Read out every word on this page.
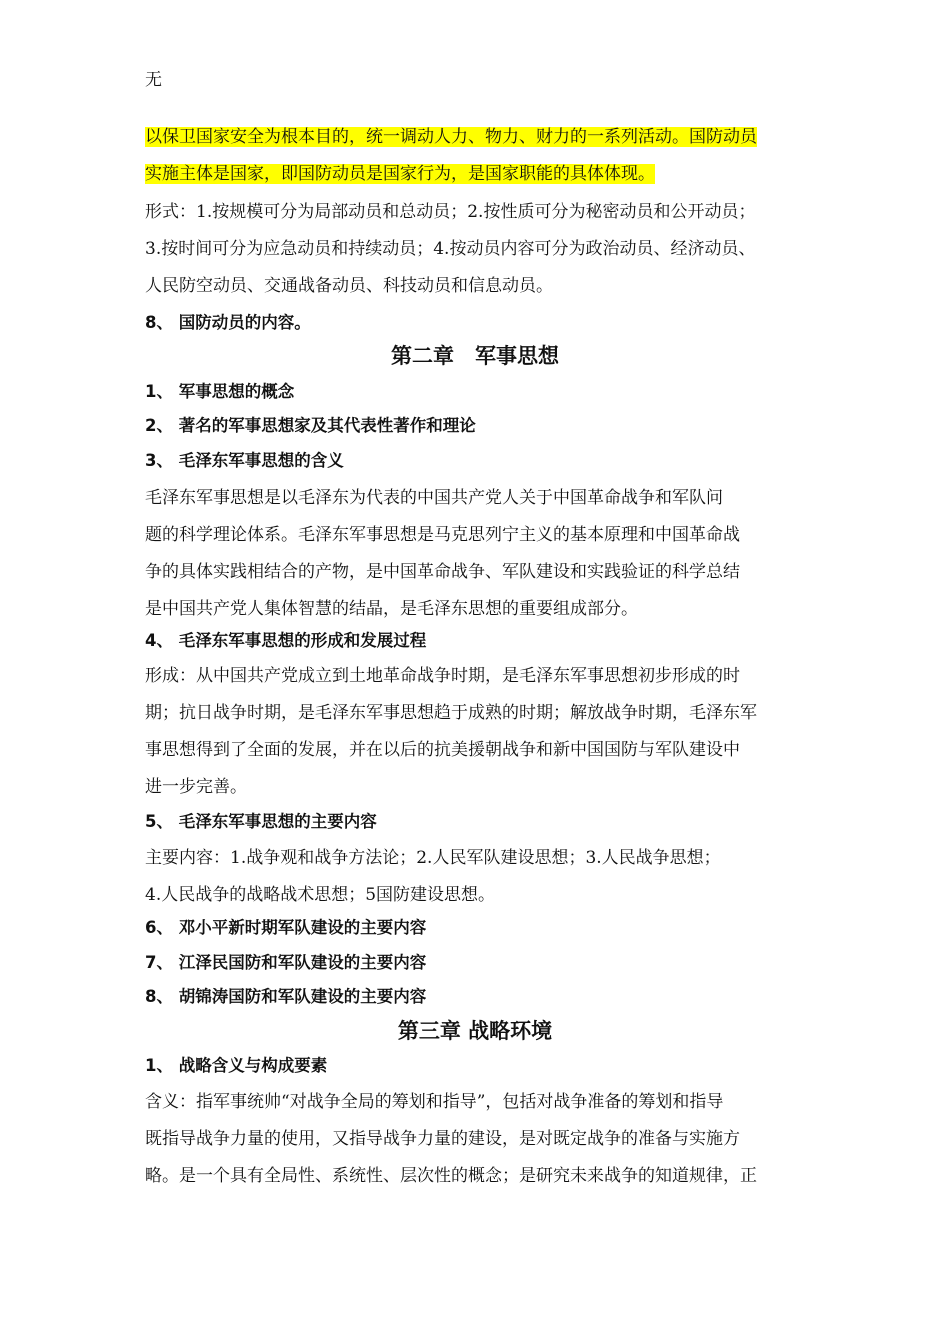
无
以保卫国家安全为根本目的，统一调动人力、物力、财力的一系列活动。国防动员
实施主体是国家，即国防动员是国家行为，是国家职能的具体体现。
形式：1.按规模可分为局部动员和总动员；2.按性质可分为秘密动员和公开动员；
3.按时间可分为应急动员和持续动员；4.按动员内容可分为政治动员、经济动员、
人民防空动员、交通战备动员、科技动员和信息动员。
8、 国防动员的内容。
第二章　军事思想
1、 军事思想的概念
2、 著名的军事思想家及其代表性著作和理论
3、 毛泽东军事思想的含义
毛泽东军事思想是以毛泽东为代表的中国共产党人关于中国革命战争和军队问
题的科学理论体系。毛泽东军事思想是马克思列宁主义的基本原理和中国革命战
争的具体实践相结合的产物，是中国革命战争、军队建设和实践验证的科学总结
是中国共产党人集体智慧的结晶，是毛泽东思想的重要组成部分。
4、 毛泽东军事思想的形成和发展过程
形成：从中国共产党成立到土地革命战争时期，是毛泽东军事思想初步形成的时
期；抗日战争时期，是毛泽东军事思想趋于成熟的时期；解放战争时期，毛泽东军
事思想得到了全面的发展，并在以后的抗美援朝战争和新中国国防与军队建设中
进一步完善。
5、 毛泽东军事思想的主要内容
主要内容：1.战争观和战争方法论；2.人民军队建设思想；3.人民战争思想；
4.人民战争的战略战术思想；5国防建设思想。
6、 邓小平新时期军队建设的主要内容
7、 江泽民国防和军队建设的主要内容
8、 胡锦涛国防和军队建设的主要内容
第三章 战略环境
1、 战略含义与构成要素
含义：指军事统帅“对战争全局的筹划和指导”，包括对战争准备的筹划和指导
既指导战争力量的使用，又指导战争力量的建设，是对既定战争的准备与实施方
略。是一个具有全局性、系统性、层次性的概念；是研究未来战争的知道规律，正
